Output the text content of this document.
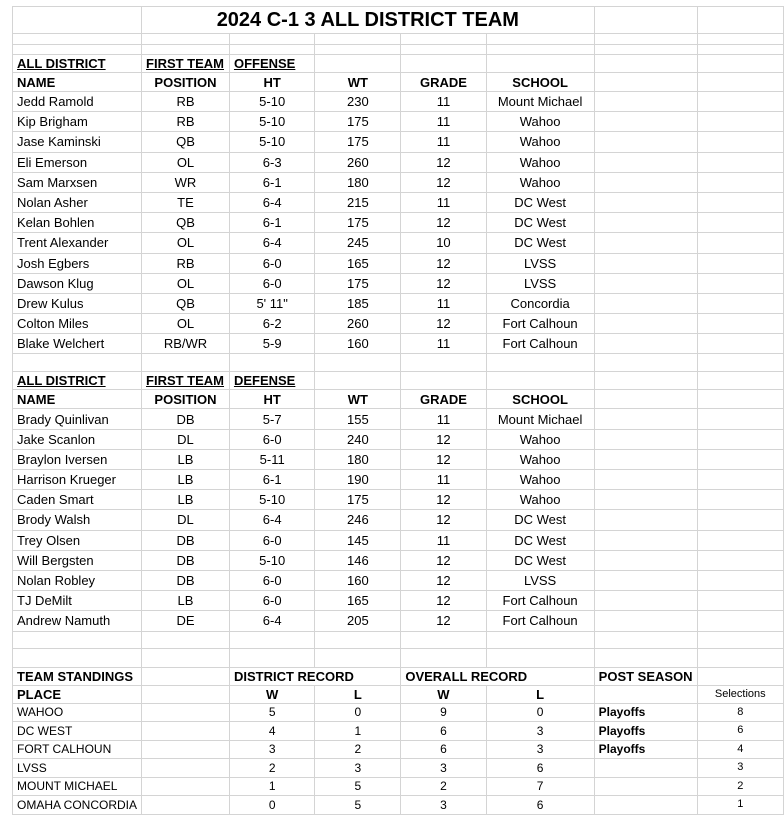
	2024 C-1 3 ALL DISTRICT TEAM						

ALL DISTRICT	FIRST TEAM	OFFENSE					
NAME	POSITION	HT	WT	GRADE	SCHOOL		
Jedd Ramold	RB	5-10	230	11	Mount Michael		
Kip Brigham	RB	5-10	175	11	Wahoo		
Jase Kaminski	QB	5-10	175	11	Wahoo		
Eli Emerson	OL	6-3	260	12	Wahoo		
Sam Marxsen	WR	6-1	180	12	Wahoo		
Nolan Asher	TE	6-4	215	11	DC West		
Kelan Bohlen	QB	6-1	175	12	DC West		
Trent Alexander	OL	6-4	245	10	DC West		
Josh Egbers	RB	6-0	165	12	LVSS		
Dawson Klug	OL	6-0	175	12	LVSS		
Drew Kulus	QB	5' 11"	185	11	Concordia		
Colton Miles	OL	6-2	260	12	Fort Calhoun		
Blake Welchert	RB/WR	5-9	160	11	Fort Calhoun		

ALL DISTRICT	FIRST TEAM	DEFENSE					
NAME	POSITION	HT	WT	GRADE	SCHOOL		
Brady Quinlivan	DB	5-7	155	11	Mount Michael		
Jake Scanlon	DL	6-0	240	12	Wahoo		
Braylon Iversen	LB	5-11	180	12	Wahoo		
Harrison Krueger	LB	6-1	190	11	Wahoo		
Caden Smart	LB	5-10	175	12	Wahoo		
Brody Walsh	DL	6-4	246	12	DC West		
Trey Olsen	DB	6-0	145	11	DC West		
Will Bergsten	DB	5-10	146	12	DC West		
Nolan Robley	DB	6-0	160	12	LVSS		
TJ DeMilt	LB	6-0	165	12	Fort Calhoun		
Andrew Namuth	DE	6-4	205	12	Fort Calhoun		

TEAM STANDINGS		DISTRICT RECORD		OVERALL RECORD		POST SEASON	
PLACE		W	L	W	L		Selections
WAHOO		5	0	9	0	Playoffs	8
DC WEST		4	1	6	3	Playoffs	6
FORT CALHOUN		3	2	6	3	Playoffs	4
LVSS		2	3	3	6		3
MOUNT MICHAEL		1	5	2	7		2
OMAHA CONCORDIA		0	5	3	6		1
